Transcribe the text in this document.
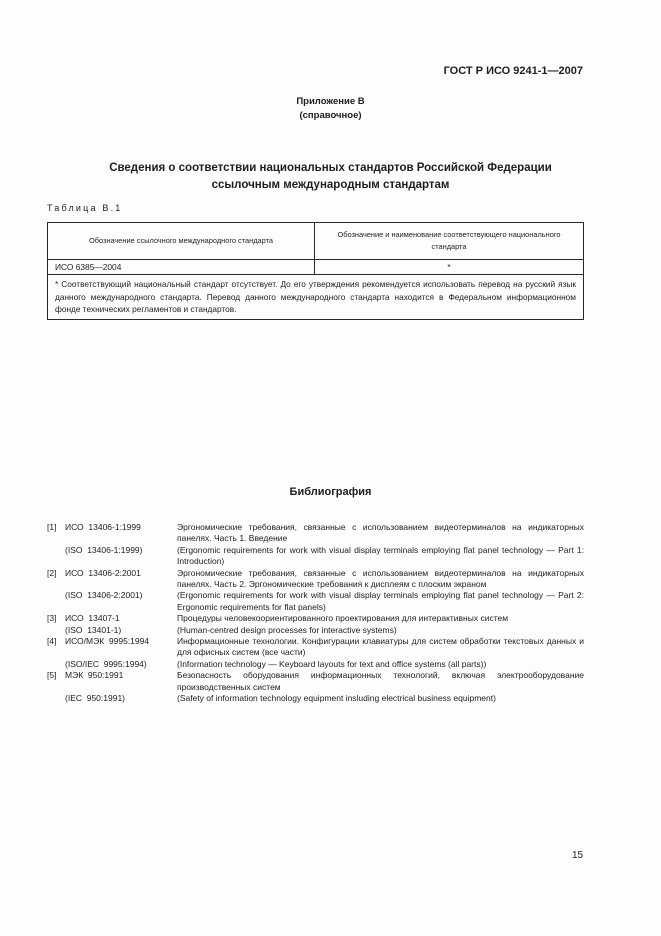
ГОСТ Р ИСО 9241-1—2007
Приложение В
(справочное)
Сведения о соответствии национальных стандартов Российской Федерации
ссылочным международным стандартам
Таблица В.1
Обозначение ссылочного международного стандарта	Обозначение и наименование соответствующего национального стандарта
ИСО 6385—2004	*
* Соответствующий национальный стандарт отсутствует. До его утверждения рекомендуется использовать перевод на русский язык данного международного стандарта. Перевод данного международного стандарта находится в Федеральном информационном фонде технических регламентов и стандартов.	
Библиография
[1]	ИСО  13406-1:1999	Эргономические требования, связанные с использованием видеотерминалов на индикаторных панелях. Часть 1. Введение
(ISO  13406-1:1999)	(Ergonomic requirements for work with visual display terminals employing flat panel technology — Part 1: Introduction)
[2]	ИСО  13406-2:2001	Эргономические требования, связанные с использованием видеотерминалов на индикаторных панелях. Часть 2. Эргономические требования к дисплеям с плоским экраном
(ISO  13406-2:2001)	(Ergonomic requirements for work with visual display terminals employing flat panel technology — Part 2: Ergonomic requirements for flat panels)
[3]	ИСО  13407-1	Процедуры человекоориентированного проектирования для интерактивных систем
(ISO  13401-1)	(Human-centred design processes for interactive systems)
[4]	ИСО/МЭК  9995:1994	Информационные технологии. Конфигурации клавиатуры для систем обработки текстовых данных и для офисных систем (все части)
(ISO/IEC  9995:1994)	(Information technology — Keyboard layouts for text and office systems (all parts))
[5]	МЭК  950:1991	Безопасность оборудования информационных технологий, включая электрооборудование производственных систем
(IEC  950:1991)	(Safety of information technology equipment insluding electrical business equipment)
15
